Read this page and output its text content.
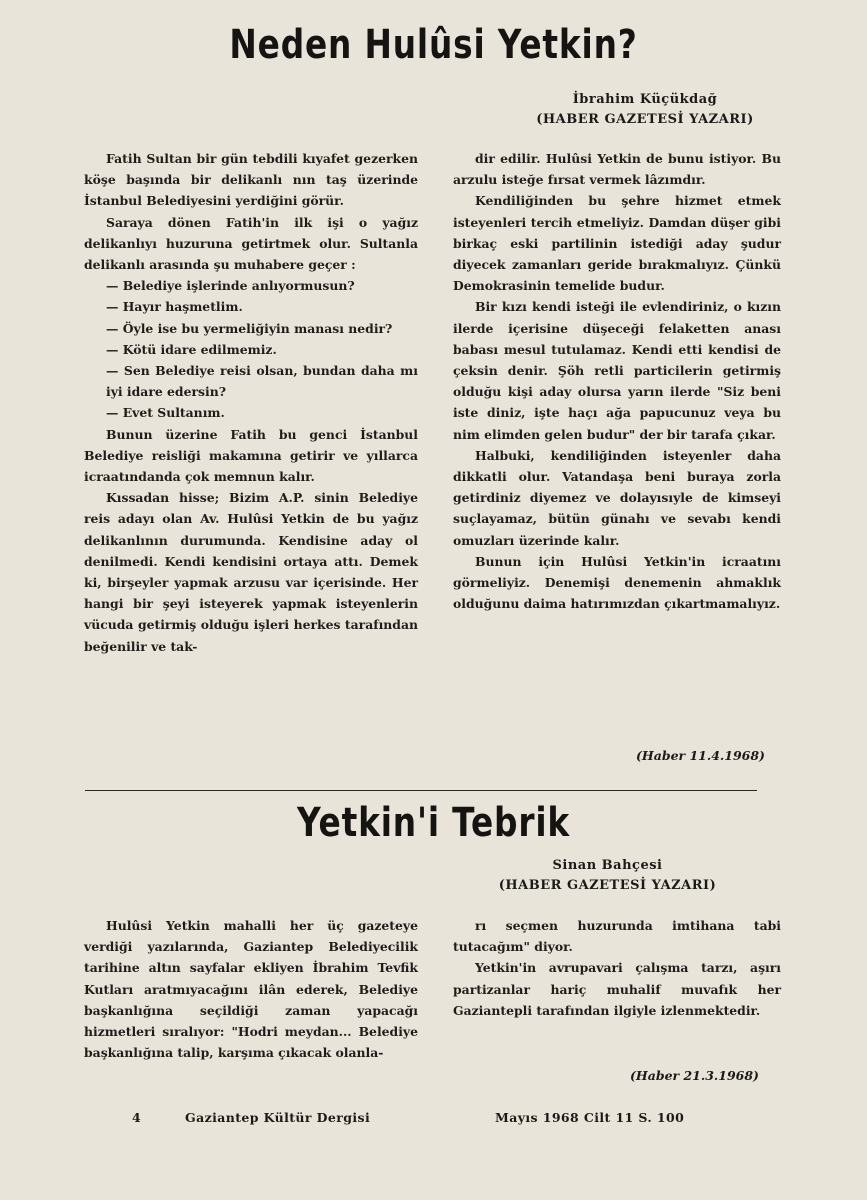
Neden Hulûsi Yetkin?
İbrahim Küçükdağ
(HABER GAZETESİ YAZARI)

Fatih Sultan bir gün tebdili kıyafet gezerken köşe başında bir delikanlı nın taş üzerinde İstanbul Belediyesini yerdiğini görür.

Saraya dönen Fatih'in ilk işi o yağız delikanlıyı huzuruna getirtmek olur. Sultanla delikanlı arasında şu muhabere geçer :

— Belediye işlerinde anlıyormusun?

— Hayır haşmetlim.

— Öyle ise bu yermeliğiyin manası nedir?

— Kötü idare edilmemiz.

— Sen Belediye reisi olsan, bundan daha mı iyi idare edersin?

— Evet Sultanım.

Bunun üzerine Fatih bu genci İstanbul Belediye reisliği makamına getirir ve yıllarca icraatındanda çok memnun kalır.

Kıssadan hisse; Bizim A.P. sinin Belediye reis adayı olan Av. Hulûsi Yetkin de bu yağız delikanlının durumunda. Kendisine aday ol denilmedi. Kendi kendisini ortaya attı. Demek ki, birşeyler yapmak arzusu var içerisinde. Her hangi bir şeyi isteyerek yapmak isteyenlerin vücuda getirmiş olduğu işleri herkes tarafından beğenilir ve tak-

dir edilir. Hulûsi Yetkin de bunu istiyor. Bu arzulu isteğe fırsat vermek lâzımdır.

Kendiliğinden bu şehre hizmet etmek isteyenleri tercih etmeliyiz. Damdan düşer gibi birkaç eski partilinin istediği aday şudur diyecek zamanları geride bırakmalıyız. Çünkü Demokrasinin temelide budur.

Bir kızı kendi isteği ile evlendiriniz, o kızın ilerde içerisine düşeceği felaketten anası babası mesul tutulamaz. Kendi etti kendisi de çeksin denir. Şöh retli particilerin getirmiş olduğu kişi aday olursa yarın ilerde "Siz beni iste diniz, işte haçı ağa papucunuz veya bu nim elimden gelen budur" der bir tarafa çıkar.

Halbuki, kendiliğinden isteyenler daha dikkatli olur. Vatandaşa beni buraya zorla getirdiniz diyemez ve dolayısıyle de kimseyi suçlayamaz, bütün günahı ve sevabı kendi omuzları üzerinde kalır.

Bunun için Hulûsi Yetkin'in icraatını görmeliyiz. Denemişi denemenin ahmaklık olduğunu daima hatırımızdan çıkartmamalıyız.

(Haber 11.4.1968)
Yetkin'i Tebrik
Sinan Bahçesi
(HABER GAZETESİ YAZARI)

Hulûsi Yetkin mahalli her üç gazeteye verdiği yazılarında, Gaziantep Belediyecilik tarihine altın sayfalar ekliyen İbrahim Tevfik Kutları aratmıyacağını ilân ederek, Belediye başkanlığına seçildiği zaman yapacağı hizmetleri sıralıyor: "Hodri meydan... Belediye başkanlığına talip, karşıma çıkacak olanla-

rı seçmen huzurunda imtihana tabi tutacağım" diyor.

Yetkin'in avrupavari çalışma tarzı, aşırı partizanlar hariç muhalif muvafık her Gaziantepli tarafından ilgiyle izlenmektedir.

(Haber 21.3.1968)
4	Gaziantep Kültür Dergisi	Mayıs 1968 Cilt 11 S. 100
